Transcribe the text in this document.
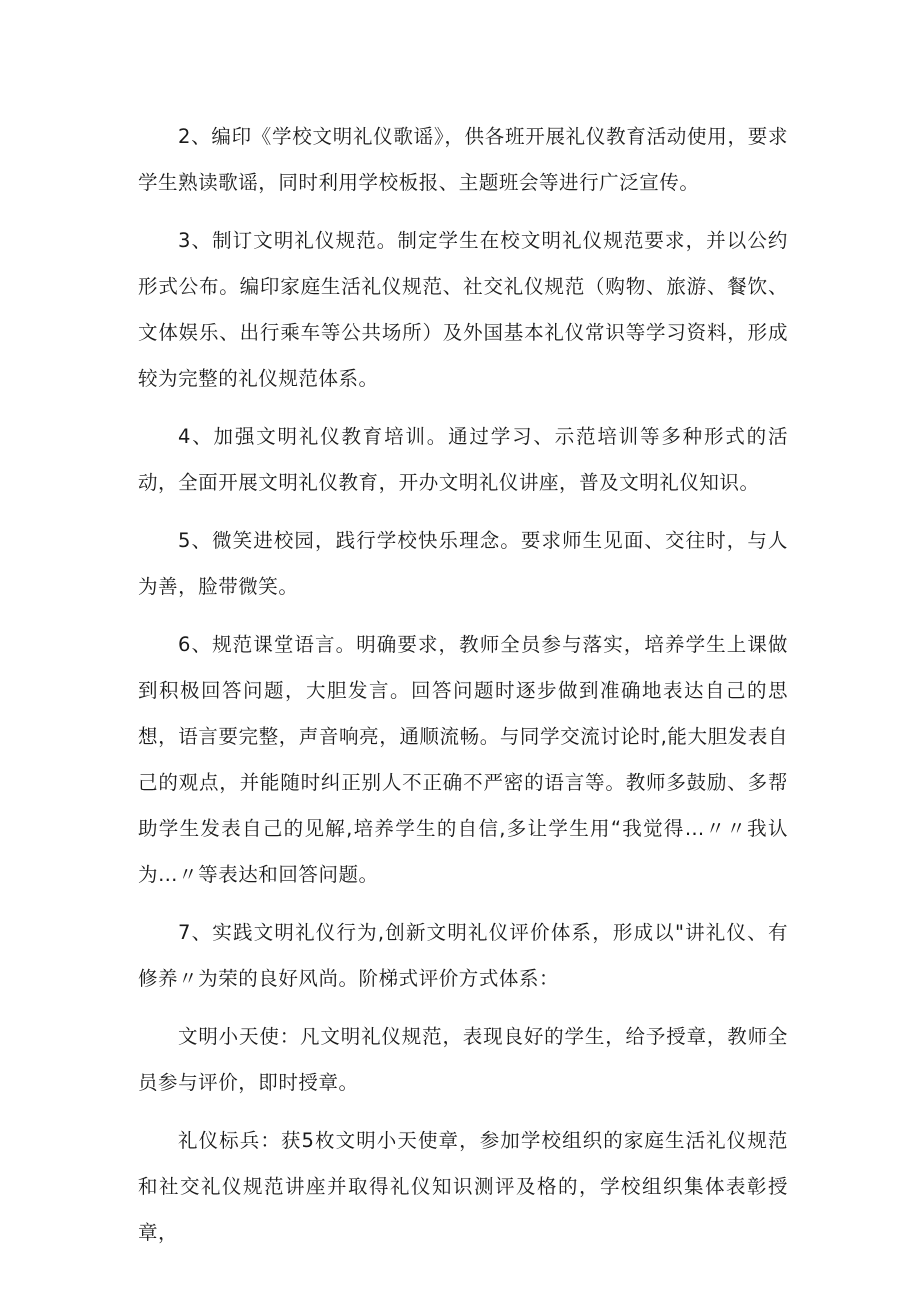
2、编印《学校文明礼仪歌谣》，供各班开展礼仪教育活动使用，要求学生熟读歌谣，同时利用学校板报、主题班会等进行广泛宣传。

3、制订文明礼仪规范。制定学生在校文明礼仪规范要求，并以公约形式公布。编印家庭生活礼仪规范、社交礼仪规范（购物、旅游、餐饮、文体娱乐、出行乘车等公共场所）及外国基本礼仪常识等学习资料，形成较为完整的礼仪规范体系。

4、加强文明礼仪教育培训。通过学习、示范培训等多种形式的活动，全面开展文明礼仪教育，开办文明礼仪讲座，普及文明礼仪知识。

5、微笑进校园，践行学校快乐理念。要求师生见面、交往时，与人为善，脸带微笑。

6、规范课堂语言。明确要求，教师全员参与落实，培养学生上课做到积极回答问题，大胆发言。回答问题时逐步做到准确地表达自己的思想，语言要完整，声音响亮，通顺流畅。与同学交流讨论时,能大胆发表自己的观点，并能随时纠正别人不正确不严密的语言等。教师多鼓励、多帮助学生发表自己的见解,培养学生的自信,多让学生用“我觉得…〃〃我认为…〃等表达和回答问题。

7、实践文明礼仪行为,创新文明礼仪评价体系，形成以"讲礼仪、有修养〃为荣的良好风尚。阶梯式评价方式体系：

文明小天使：凡文明礼仪规范，表现良好的学生，给予授章，教师全员参与评价，即时授章。

礼仪标兵：获5枚文明小天使章，参加学校组织的家庭生活礼仪规范和社交礼仪规范讲座并取得礼仪知识测评及格的，学校组织集体表彰授章，
